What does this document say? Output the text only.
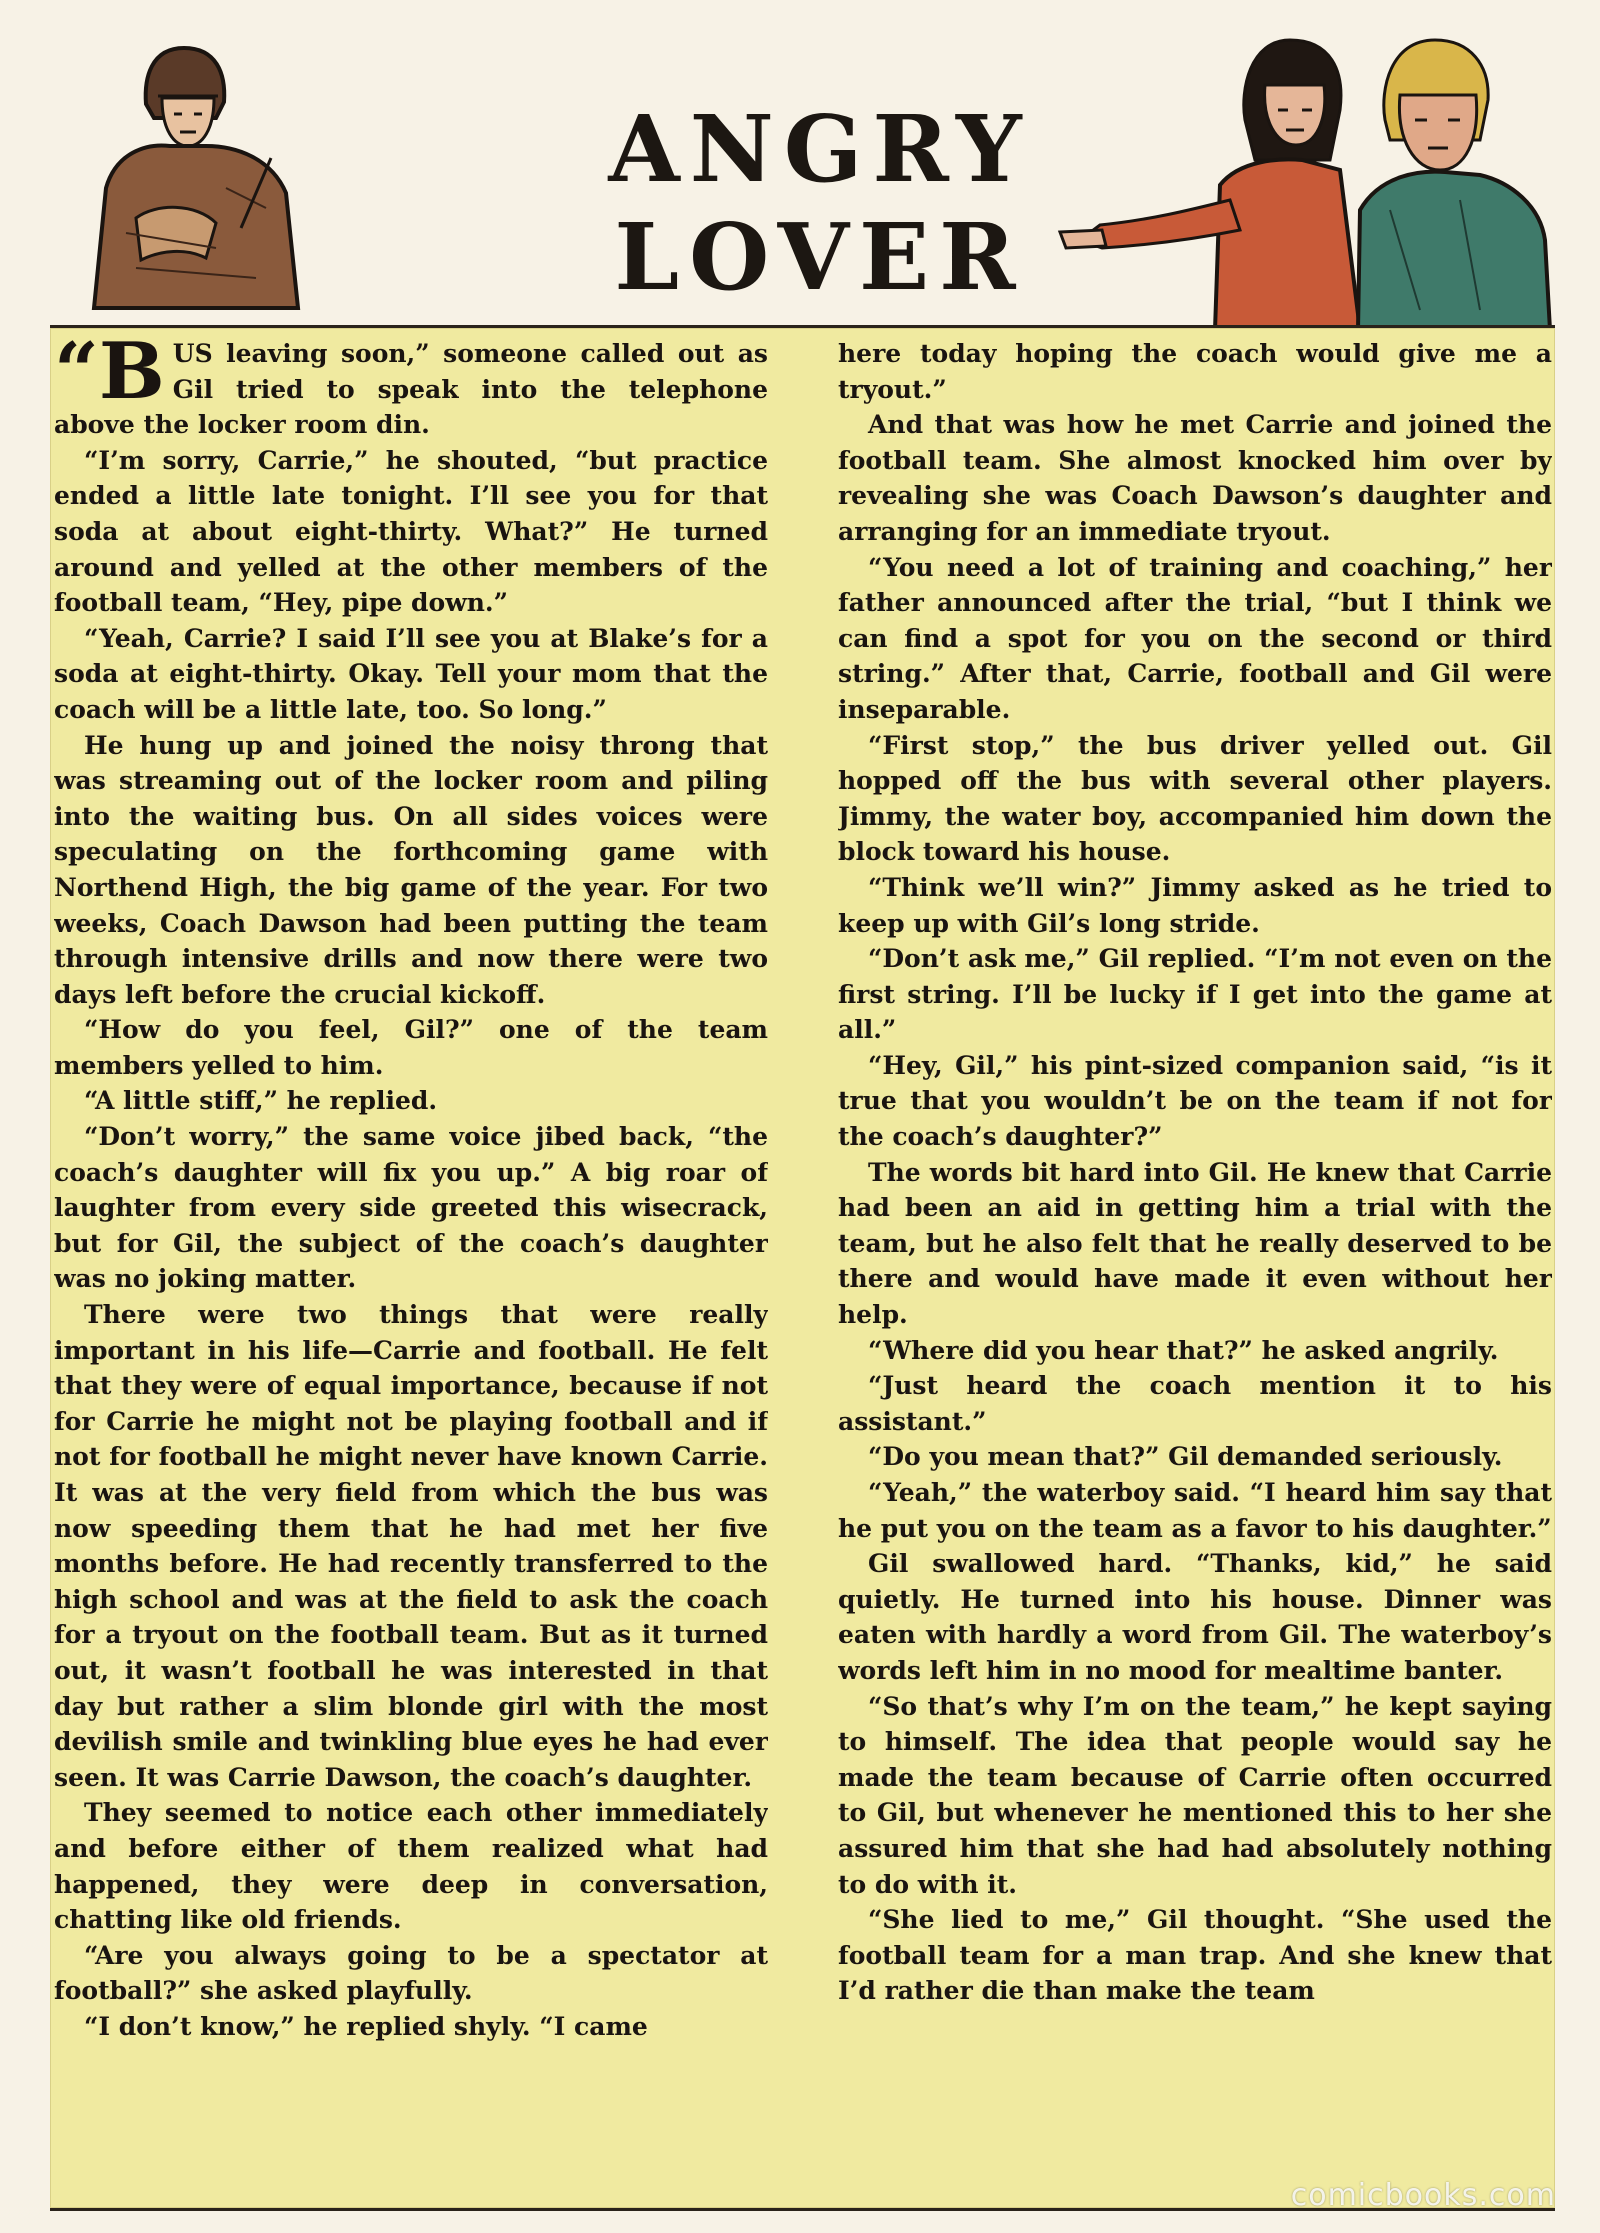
ANGRY LOVER

“BUS leaving soon,” someone called out as Gil tried to speak into the telephone above the locker room din.

“I’m sorry, Carrie,” he shouted, “but practice ended a little late tonight. I’ll see you for that soda at about eight-thirty. What?” He turned around and yelled at the other members of the football team, “Hey, pipe down.”

“Yeah, Carrie? I said I’ll see you at Blake’s for a soda at eight-thirty. Okay. Tell your mom that the coach will be a little late, too. So long.”

He hung up and joined the noisy throng that was streaming out of the locker room and piling into the waiting bus. On all sides voices were speculating on the forthcoming game with Northend High, the big game of the year. For two weeks, Coach Dawson had been putting the team through intensive drills and now there were two days left before the crucial kickoff.

“How do you feel, Gil?” one of the team members yelled to him.

“A little stiff,” he replied.

“Don’t worry,” the same voice jibed back, “the coach’s daughter will fix you up.” A big roar of laughter from every side greeted this wisecrack, but for Gil, the subject of the coach’s daughter was no joking matter.

There were two things that were really important in his life—Carrie and football. He felt that they were of equal importance, because if not for Carrie he might not be playing football and if not for football he might never have known Carrie. It was at the very field from which the bus was now speeding them that he had met her five months before. He had recently transferred to the high school and was at the field to ask the coach for a tryout on the football team. But as it turned out, it wasn’t football he was interested in that day but rather a slim blonde girl with the most devilish smile and twinkling blue eyes he had ever seen. It was Carrie Dawson, the coach’s daughter.

They seemed to notice each other immediately and before either of them realized what had happened, they were deep in conversation, chatting like old friends.

“Are you always going to be a spectator at football?” she asked playfully.

“I don’t know,” he replied shyly. “I came

here today hoping the coach would give me a tryout.”

And that was how he met Carrie and joined the football team. She almost knocked him over by revealing she was Coach Dawson’s daughter and arranging for an immediate tryout.

“You need a lot of training and coaching,” her father announced after the trial, “but I think we can find a spot for you on the second or third string.” After that, Carrie, football and Gil were inseparable.

“First stop,” the bus driver yelled out. Gil hopped off the bus with several other players. Jimmy, the water boy, accompanied him down the block toward his house.

“Think we’ll win?” Jimmy asked as he tried to keep up with Gil’s long stride.

“Don’t ask me,” Gil replied. “I’m not even on the first string. I’ll be lucky if I get into the game at all.”

“Hey, Gil,” his pint-sized companion said, “is it true that you wouldn’t be on the team if not for the coach’s daughter?”

The words bit hard into Gil. He knew that Carrie had been an aid in getting him a trial with the team, but he also felt that he really deserved to be there and would have made it even without her help.

“Where did you hear that?” he asked angrily.

“Just heard the coach mention it to his assistant.”

“Do you mean that?” Gil demanded seriously.

“Yeah,” the waterboy said. “I heard him say that he put you on the team as a favor to his daughter.”

Gil swallowed hard. “Thanks, kid,” he said quietly. He turned into his house. Dinner was eaten with hardly a word from Gil. The waterboy’s words left him in no mood for mealtime banter.

“So that’s why I’m on the team,” he kept saying to himself. The idea that people would say he made the team because of Carrie often occurred to Gil, but whenever he mentioned this to her she assured him that she had had absolutely nothing to do with it.

“She lied to me,” Gil thought. “She used the football team for a man trap. And she knew that I’d rather die than make the team

comicbooks.com
